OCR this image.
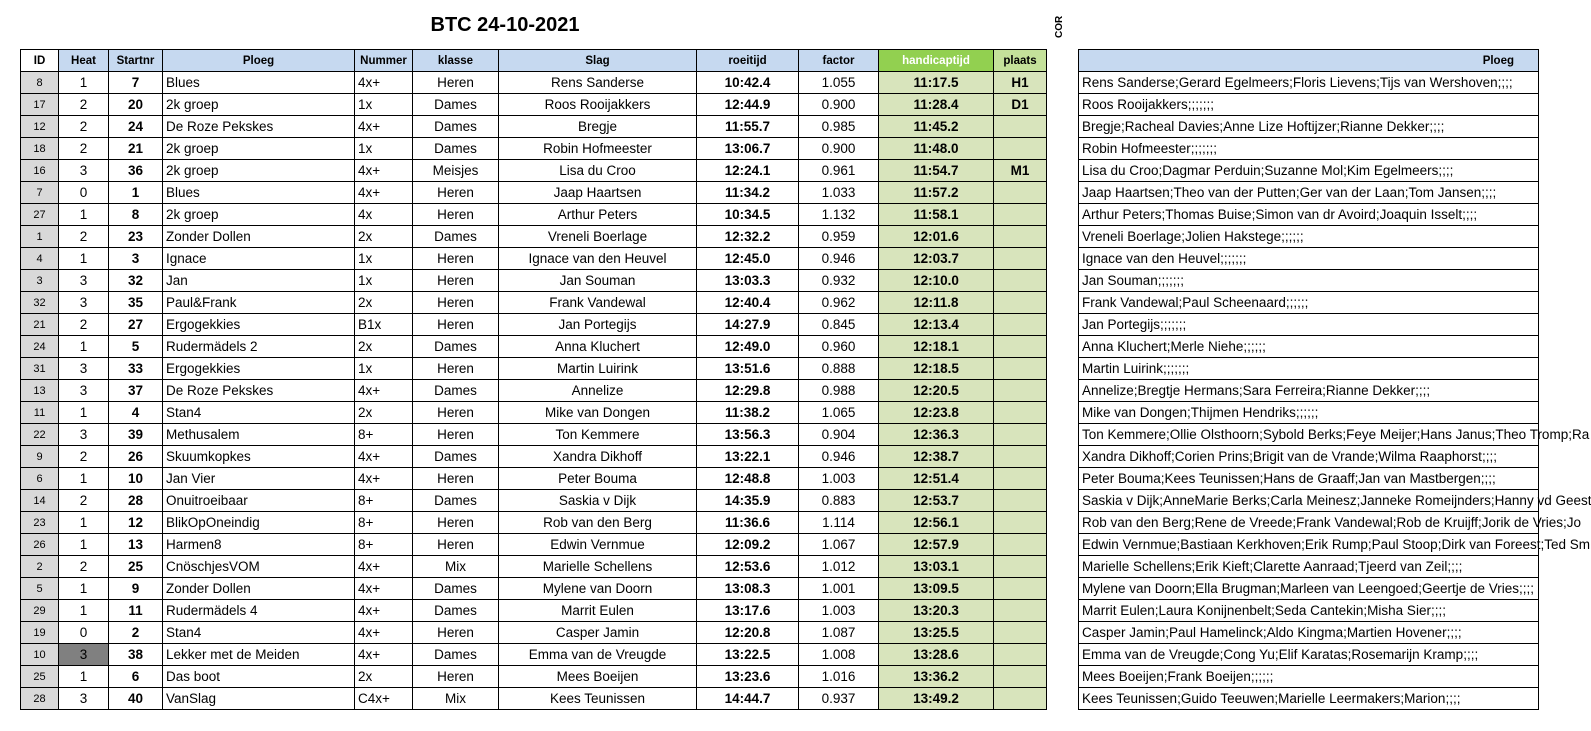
BTC 24-10-2021	COR
ID	Heat	Startnr	Ploeg	Nummer	klasse	Slag	roeitijd	factor	handicaptijd	plaats
8	1	7	Blues	4x+	Heren	Rens Sanderse	10:42.4	1.055	11:17.5	H1
17	2	20	2k groep	1x	Dames	Roos Rooijakkers	12:44.9	0.900	11:28.4	D1
12	2	24	De Roze Pekskes	4x+	Dames	Bregje	11:55.7	0.985	11:45.2	
18	2	21	2k groep	1x	Dames	Robin Hofmeester	13:06.7	0.900	11:48.0	
16	3	36	2k groep	4x+	Meisjes	Lisa du Croo	12:24.1	0.961	11:54.7	M1
7	0	1	Blues	4x+	Heren	Jaap Haartsen	11:34.2	1.033	11:57.2	
27	1	8	2k groep	4x	Heren	Arthur Peters	10:34.5	1.132	11:58.1	
1	2	23	Zonder Dollen	2x	Dames	Vreneli Boerlage	12:32.2	0.959	12:01.6	
4	1	3	Ignace	1x	Heren	Ignace van den Heuvel	12:45.0	0.946	12:03.7	
3	3	32	Jan	1x	Heren	Jan Souman	13:03.3	0.932	12:10.0	
32	3	35	Paul&Frank	2x	Heren	Frank Vandewal	12:40.4	0.962	12:11.8	
21	2	27	Ergogekkies	B1x	Heren	Jan Portegijs	14:27.9	0.845	12:13.4	
24	1	5	Rudermädels 2	2x	Dames	Anna Kluchert	12:49.0	0.960	12:18.1	
31	3	33	Ergogekkies	1x	Heren	Martin Luirink	13:51.6	0.888	12:18.5	
13	3	37	De Roze Pekskes	4x+	Dames	Annelize	12:29.8	0.988	12:20.5	
11	1	4	Stan4	2x	Heren	Mike van Dongen	11:38.2	1.065	12:23.8	
22	3	39	Methusalem	8+	Heren	Ton Kemmere	13:56.3	0.904	12:36.3	
9	2	26	Skuumkopkes	4x+	Dames	Xandra Dikhoff	13:22.1	0.946	12:38.7	
6	1	10	Jan Vier	4x+	Heren	Peter Bouma	12:48.8	1.003	12:51.4	
14	2	28	Onuitroeibaar	8+	Dames	Saskia v Dijk	14:35.9	0.883	12:53.7	
23	1	12	BlikOpOneindig	8+	Heren	Rob van den Berg	11:36.6	1.114	12:56.1	
26	1	13	Harmen8	8+	Heren	Edwin Vernmue	12:09.2	1.067	12:57.9	
2	2	25	CnöschjesVOM	4x+	Mix	Marielle Schellens	12:53.6	1.012	13:03.1	
5	1	9	Zonder Dollen	4x+	Dames	Mylene van Doorn	13:08.3	1.001	13:09.5	
29	1	11	Rudermädels 4	4x+	Dames	Marrit Eulen	13:17.6	1.003	13:20.3	
19	0	2	Stan4	4x+	Heren	Casper Jamin	12:20.8	1.087	13:25.5	
10	3	38	Lekker met de Meiden	4x+	Dames	Emma van de Vreugde	13:22.5	1.008	13:28.6	
25	1	6	Das boot	2x	Heren	Mees Boeijen	13:23.6	1.016	13:36.2	
28	3	40	VanSlag	C4x+	Mix	Kees Teunissen	14:44.7	0.937	13:49.2	
Ploeg
Rens Sanderse;Gerard Egelmeers;Floris Lievens;Tijs van Wershoven;;;;
Roos Rooijakkers;;;;;;;
Bregje;Racheal Davies;Anne Lize Hoftijzer;Rianne Dekker;;;;
Robin Hofmeester;;;;;;;
Lisa du Croo;Dagmar Perduin;Suzanne Mol;Kim Egelmeers;;;;
Jaap Haartsen;Theo van der Putten;Ger van der Laan;Tom Jansen;;;;
Arthur Peters;Thomas Buise;Simon van dr Avoird;Joaquin Isselt;;;;
Vreneli Boerlage;Jolien Hakstege;;;;;;
Ignace van den Heuvel;;;;;;;
Jan Souman;;;;;;;
Frank Vandewal;Paul Scheenaard;;;;;;
Jan Portegijs;;;;;;;
Anna Kluchert;Merle Niehe;;;;;;
Martin Luirink;;;;;;;
Annelize;Bregtje Hermans;Sara Ferreira;Rianne Dekker;;;;
Mike van Dongen;Thijmen Hendriks;;;;;;
Ton Kemmere;Ollie Olsthoorn;Sybold Berks;Feye Meijer;Hans Janus;Theo Tromp;Ra
Xandra Dikhoff;Corien Prins;Brigit van de Vrande;Wilma Raaphorst;;;;
Peter Bouma;Kees Teunissen;Hans de Graaff;Jan van Mastbergen;;;;
Saskia v Dijk;AnneMarie Berks;Carla Meinesz;Janneke Romeijnders;Hanny vd Geest
Rob van den Berg;Rene de Vreede;Frank Vandewal;Rob de Kruijff;Jorik de Vries;Jo
Edwin Vernmue;Bastiaan Kerkhoven;Erik Rump;Paul Stoop;Dirk van Foreest;Ted Sm
Marielle Schellens;Erik Kieft;Clarette Aanraad;Tjeerd van Zeil;;;;
Mylene van Doorn;Ella Brugman;Marleen van Leengoed;Geertje de Vries;;;;
Marrit Eulen;Laura Konijnenbelt;Seda Cantekin;Misha Sier;;;;
Casper Jamin;Paul Hamelinck;Aldo Kingma;Martien Hovener;;;;
Emma van de Vreugde;Cong Yu;Elif Karatas;Rosemarijn Kramp;;;;
Mees Boeijen;Frank Boeijen;;;;;;
Kees Teunissen;Guido Teeuwen;Marielle Leermakers;Marion;;;;
